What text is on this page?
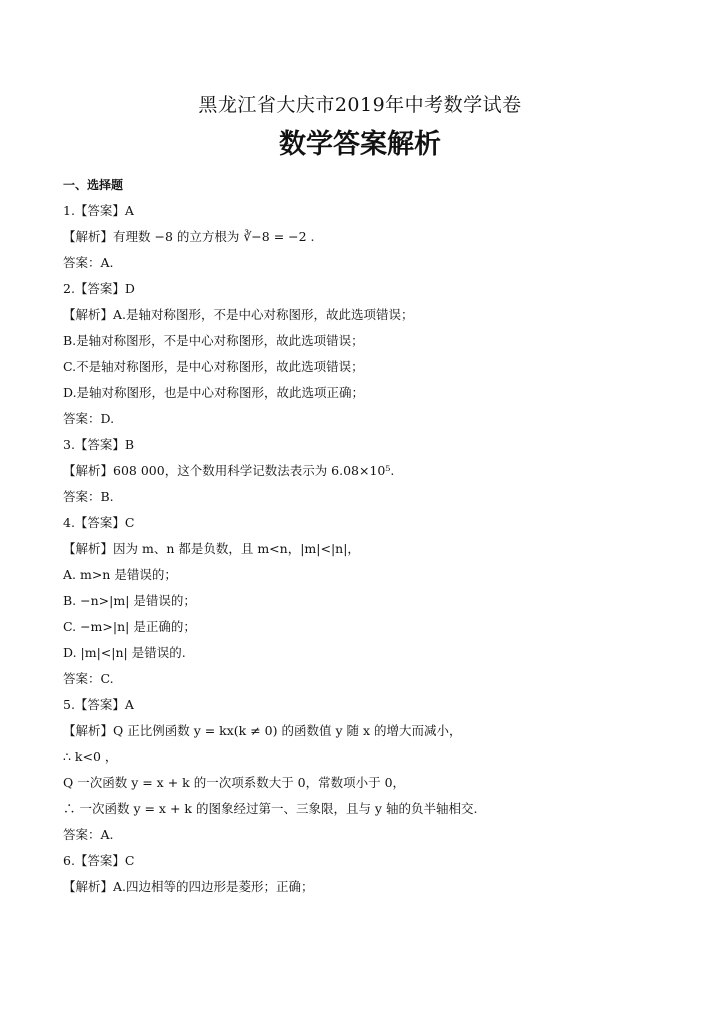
黑龙江省大庆市2019年中考数学试卷
数学答案解析
一、选择题
1.【答案】A
【解析】有理数 −8 的立方根为 ∛−8 = −2 .
答案：A.
2.【答案】D
【解析】A.是轴对称图形，不是中心对称图形，故此选项错误；
B.是轴对称图形，不是中心对称图形，故此选项错误；
C.不是轴对称图形，是中心对称图形，故此选项错误；
D.是轴对称图形，也是中心对称图形，故此选项正确；
答案：D.
3.【答案】B
【解析】608 000，这个数用科学记数法表示为 6.08×10⁵.
答案：B.
4.【答案】C
【解析】因为 m、n 都是负数，且 m<n，|m|<|n|，
A. m>n 是错误的；
B. −n>|m| 是错误的；
C. −m>|n| 是正确的；
D. |m|<|n| 是错误的.
答案：C.
5.【答案】A
【解析】Q 正比例函数 y = kx(k ≠ 0) 的函数值 y 随 x 的增大而减小，
∴ k<0 ，
Q 一次函数 y = x + k 的一次项系数大于 0，常数项小于 0，
∴ 一次函数 y = x + k 的图象经过第一、三象限，且与 y 轴的负半轴相交.
答案：A.
6.【答案】C
【解析】A.四边相等的四边形是菱形；正确；
